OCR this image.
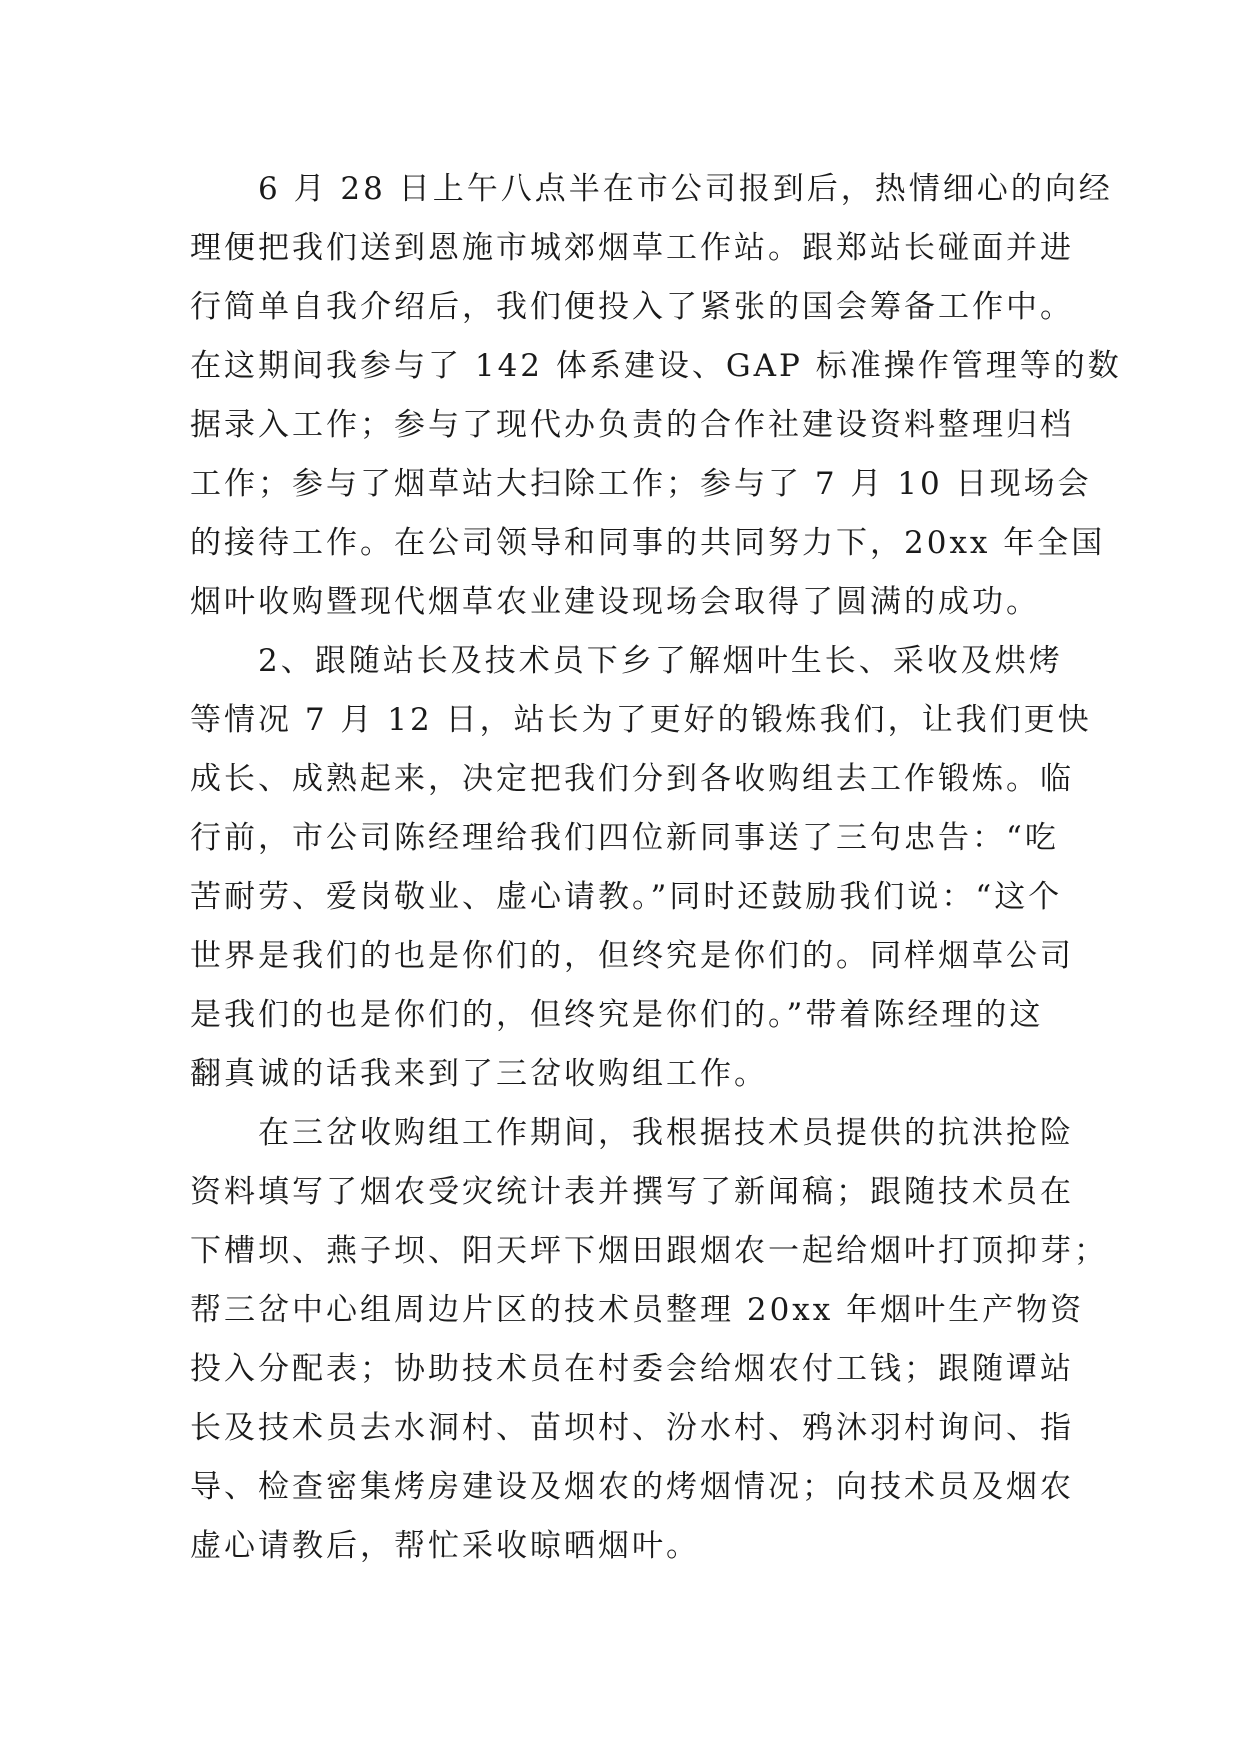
6 月 28 日上午八点半在市公司报到后，热情细心的向经
理便把我们送到恩施市城郊烟草工作站。跟郑站长碰面并进
行简单自我介绍后，我们便投入了紧张的国会筹备工作中。
在这期间我参与了 142 体系建设、GAP 标准操作管理等的数
据录入工作；参与了现代办负责的合作社建设资料整理归档
工作；参与了烟草站大扫除工作；参与了 7 月 10 日现场会
的接待工作。在公司领导和同事的共同努力下，20xx 年全国
烟叶收购暨现代烟草农业建设现场会取得了圆满的成功。
2、跟随站长及技术员下乡了解烟叶生长、采收及烘烤
等情况 7 月 12 日，站长为了更好的锻炼我们，让我们更快
成长、成熟起来，决定把我们分到各收购组去工作锻炼。临
行前，市公司陈经理给我们四位新同事送了三句忠告：“吃
苦耐劳、爱岗敬业、虚心请教。”同时还鼓励我们说：“这个
世界是我们的也是你们的，但终究是你们的。同样烟草公司
是我们的也是你们的，但终究是你们的。”带着陈经理的这
翻真诚的话我来到了三岔收购组工作。
在三岔收购组工作期间，我根据技术员提供的抗洪抢险
资料填写了烟农受灾统计表并撰写了新闻稿；跟随技术员在
下槽坝、燕子坝、阳天坪下烟田跟烟农一起给烟叶打顶抑芽；
帮三岔中心组周边片区的技术员整理 20xx 年烟叶生产物资
投入分配表；协助技术员在村委会给烟农付工钱；跟随谭站
长及技术员去水洞村、苗坝村、汾水村、鸦沐羽村询问、指
导、检查密集烤房建设及烟农的烤烟情况；向技术员及烟农
虚心请教后，帮忙采收晾晒烟叶。
